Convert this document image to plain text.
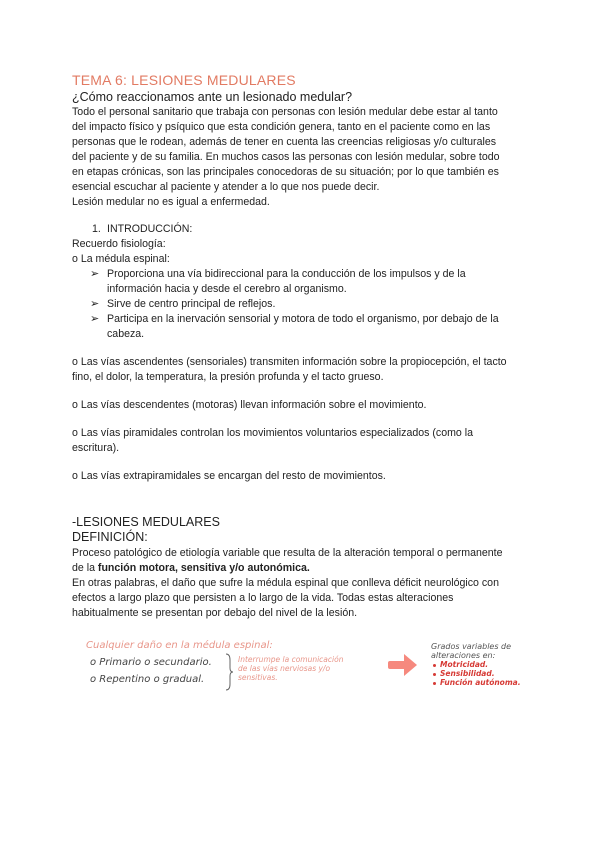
TEMA 6: LESIONES MEDULARES
¿Cómo reaccionamos ante un lesionado medular?
Todo el personal sanitario que trabaja con personas con lesión medular debe estar al tanto
del impacto físico y psíquico que esta condición genera, tanto en el paciente como en las
personas que le rodean, además de tener en cuenta las creencias religiosas y/o culturales
del paciente y de su familia. En muchos casos las personas con lesión medular, sobre todo
en etapas crónicas, son las principales conocedoras de su situación; por lo que también es
esencial escuchar al paciente y atender a lo que nos puede decir.
Lesión medular no es igual a enfermedad.
1. INTRODUCCIÓN:
Recuerdo fisiología:
o La médula espinal:
➢ Proporciona una vía bidireccional para la conducción de los impulsos y de la
información hacia y desde el cerebro al organismo.
➢ Sirve de centro principal de reflejos.
➢ Participa en la inervación sensorial y motora de todo el organismo, por debajo de la
cabeza.
o Las vías ascendentes (sensoriales) transmiten información sobre la propiocepción, el tacto
fino, el dolor, la temperatura, la presión profunda y el tacto grueso.
o Las vías descendentes (motoras) llevan información sobre el movimiento.
o Las vías piramidales controlan los movimientos voluntarios especializados (como la
escritura).
o Las vías extrapiramidales se encargan del resto de movimientos.
-LESIONES MEDULARES
DEFINICIÓN:
Proceso patológico de etiología variable que resulta de la alteración temporal o permanente
de la función motora, sensitiva y/o autonómica.
En otras palabras, el daño que sufre la médula espinal que conlleva déficit neurológico con
efectos a largo plazo que persisten a lo largo de la vida. Todas estas alteraciones
habitualmente se presentan por debajo del nivel de la lesión.
Cualquier daño en la médula espinal:
o Primario o secundario.
o Repentino o gradual.
Interrumpe la comunicación
de las vías nerviosas y/o
sensitivas.
Grados variables de
alteraciones en:
Motricidad.
Sensibilidad.
Función autónoma.
